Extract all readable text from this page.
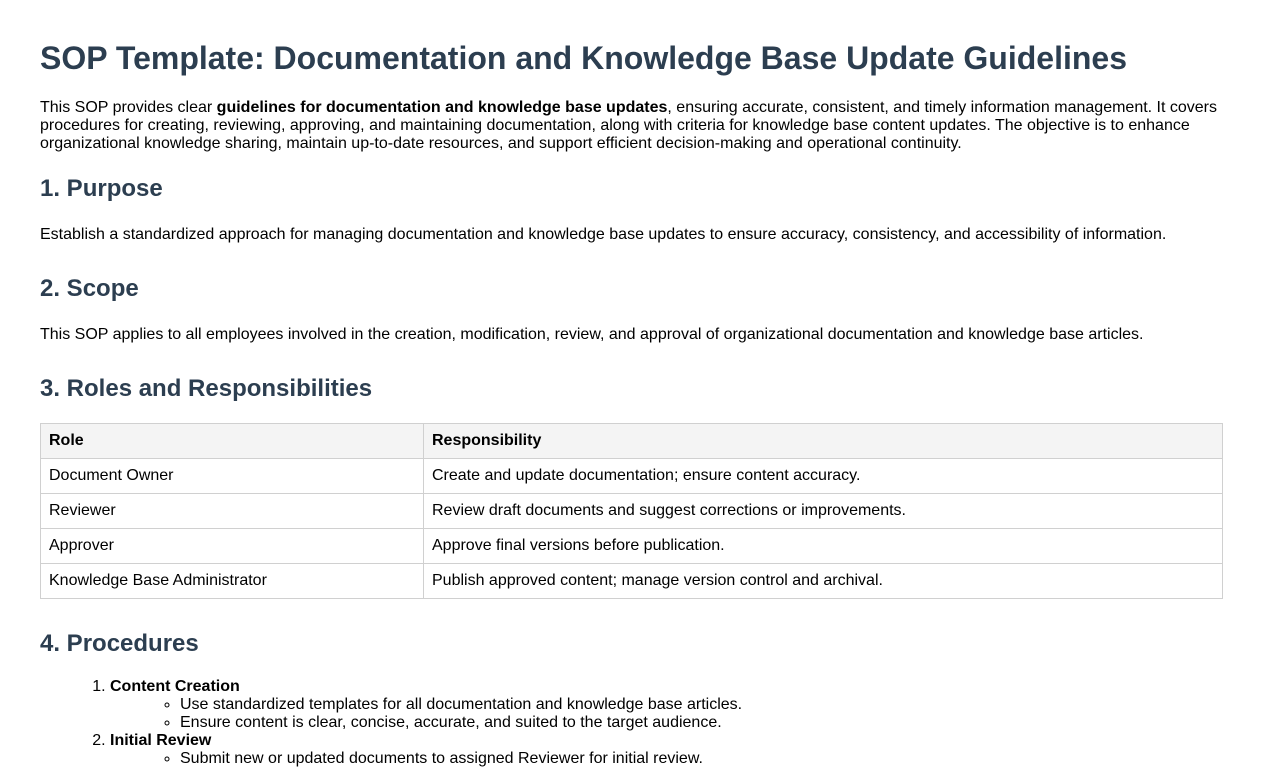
SOP Template: Documentation and Knowledge Base Update Guidelines

This SOP provides clear guidelines for documentation and knowledge base updates, ensuring accurate, consistent, and timely information management. It covers procedures for creating, reviewing, approving, and maintaining documentation, along with criteria for knowledge base content updates. The objective is to enhance organizational knowledge sharing, maintain up-to-date resources, and support efficient decision-making and operational continuity.

1. Purpose

Establish a standardized approach for managing documentation and knowledge base updates to ensure accuracy, consistency, and accessibility of information.

2. Scope

This SOP applies to all employees involved in the creation, modification, review, and approval of organizational documentation and knowledge base articles.

3. Roles and Responsibilities
Role	Responsibility
Document Owner	Create and update documentation; ensure content accuracy.
Reviewer	Review draft documents and suggest corrections or improvements.
Approver	Approve final versions before publication.
Knowledge Base Administrator	Publish approved content; manage version control and archival.
4. Procedures
1. Content Creation
◦ Use standardized templates for all documentation and knowledge base articles.
◦ Ensure content is clear, concise, accurate, and suited to the target audience.
2. Initial Review
◦ Submit new or updated documents to assigned Reviewer for initial review.
